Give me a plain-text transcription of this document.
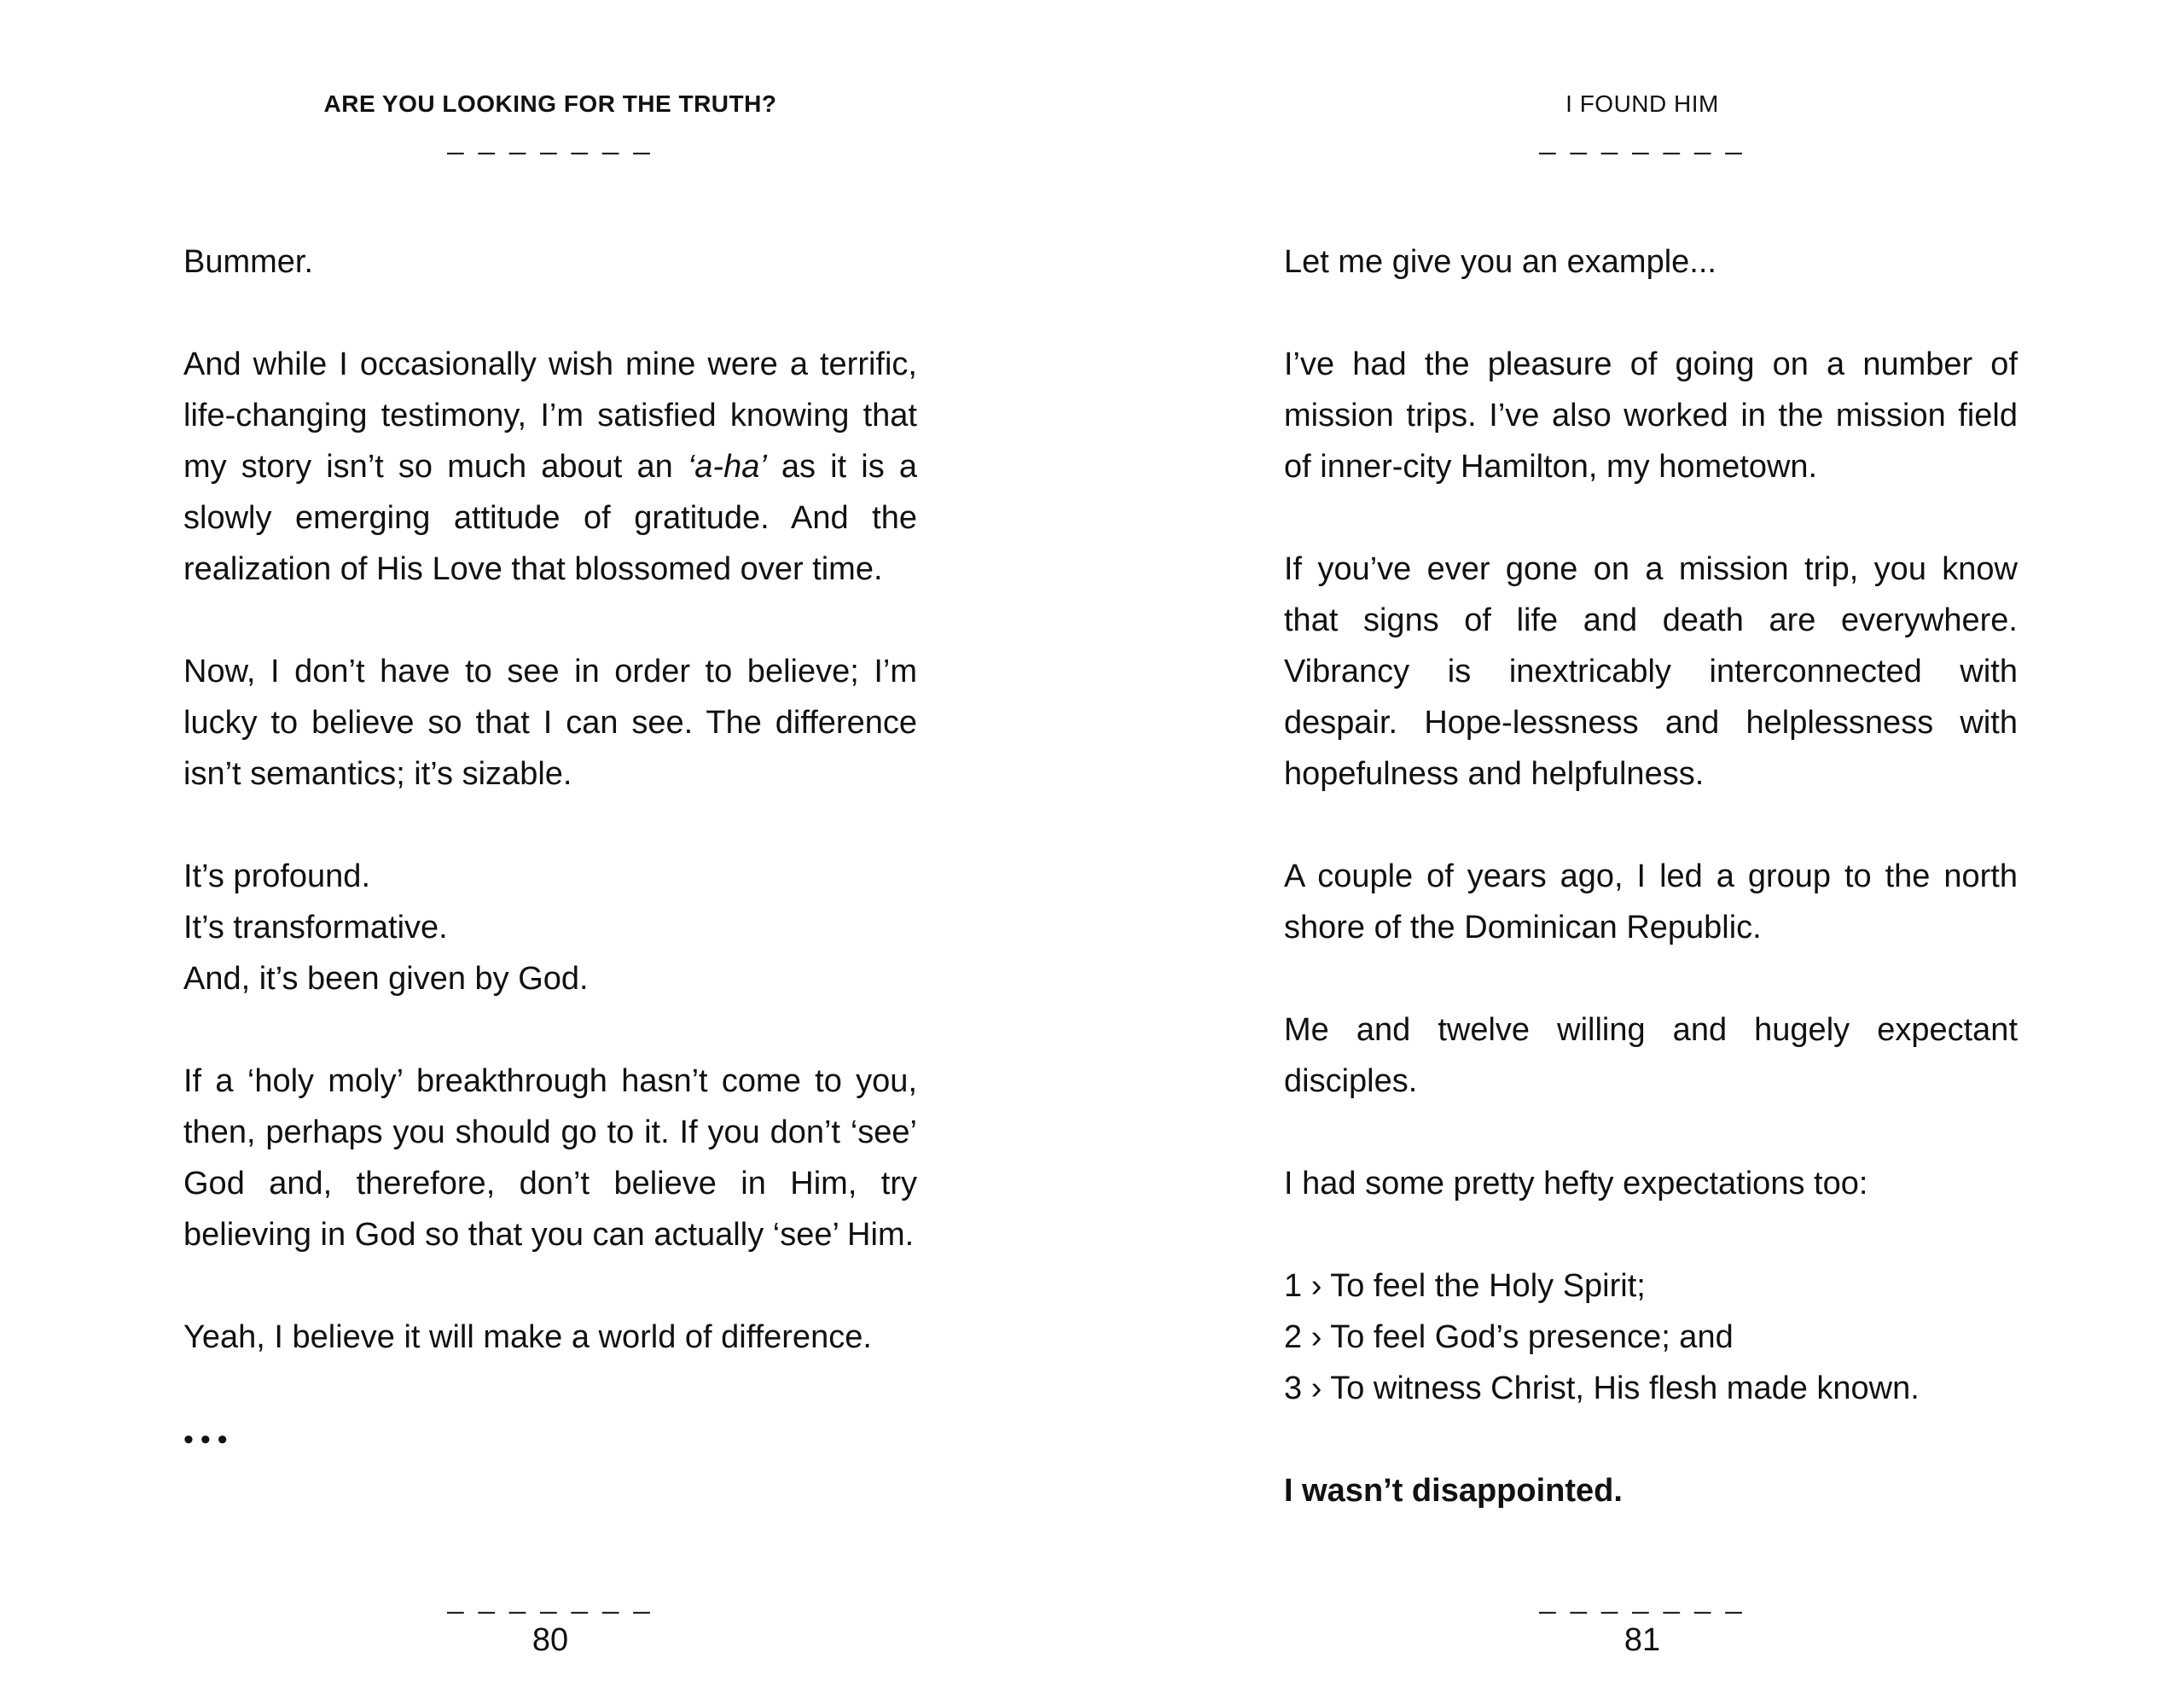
ARE YOU LOOKING FOR THE TRUTH?
_ _ _ _ _ _ _

Bummer.

And while I occasionally wish mine were a terrific, life-changing testimony, I’m satisfied knowing that my story isn’t so much about an ‘a-ha’ as it is a slowly emerging attitude of gratitude. And the realization of His Love that blossomed over time.

Now, I don’t have to see in order to believe; I’m lucky to believe so that I can see. The difference isn’t semantics; it’s sizable.

It’s profound.
It’s transformative.
And, it’s been given by God.

If a ‘holy moly’ breakthrough hasn’t come to you, then, perhaps you should go to it. If you don’t ‘see’ God and, therefore, don’t believe in Him, try believing in God so that you can actually ‘see’ Him.

Yeah, I believe it will make a world of difference.

•••

_ _ _ _ _ _ _
80
I FOUND HIM
_ _ _ _ _ _ _

Let me give you an example...

I’ve had the pleasure of going on a number of mission trips. I’ve also worked in the mission field of inner-city Hamilton, my hometown.

If you’ve ever gone on a mission trip, you know that signs of life and death are everywhere. Vibrancy is inextricably interconnected with despair. Hope-lessness and helplessness with hopefulness and helpfulness.

A couple of years ago, I led a group to the north shore of the Dominican Republic.

Me and twelve willing and hugely expectant disciples.

I had some pretty hefty expectations too:

1 › To feel the Holy Spirit;
2 › To feel God’s presence; and
3 › To witness Christ, His flesh made known.

I wasn’t disappointed.

_ _ _ _ _ _ _
81
